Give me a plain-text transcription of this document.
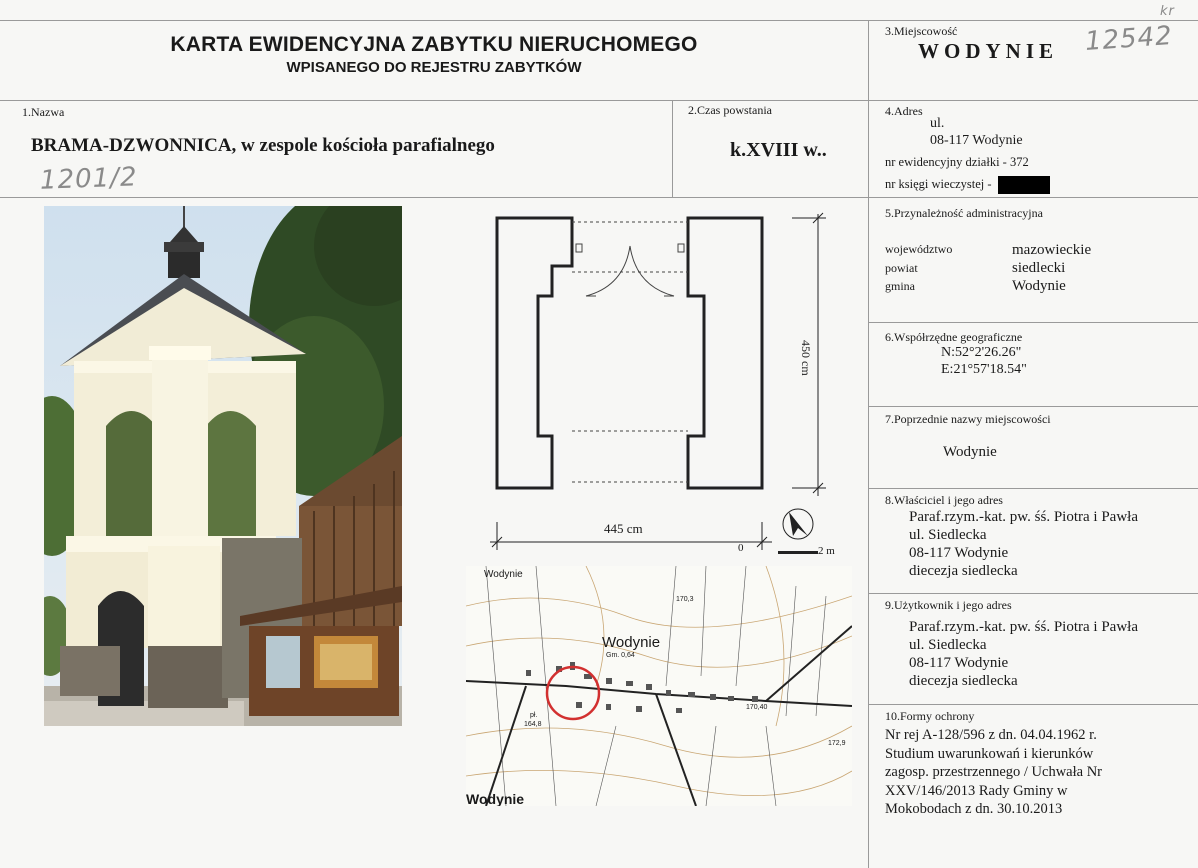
KARTA EWIDENCYJNA ZABYTKU NIERUCHOMEGO
WPISANEGO DO REJESTRU ZABYTKÓW
3.Miejscowość
WODYNIE 12542
kr
1.Nazwa
BRAMA-DZWONNICA, w zespole kościoła parafialnego
1201/2
2.Czas powstania
k.XVIII w..
4.Adres
ul.
08-117 Wodynie
nr ewidencyjny działki - 372
nr księgi wieczystej -
450 cm
445 cm
0	2 m
Wodynie
Wodynie
Wodynie
170,3
Gm. 0,64
170,40
172,9
pł.
164,8
5.Przynależność administracyjna
województwo	mazowieckie
powiat	siedlecki
gmina	Wodynie
6.Współrzędne geograficzne
N:52°2'26.26"
E:21°57'18.54"
7.Poprzednie nazwy miejscowości
Wodynie
8.Właściciel i jego adres
Paraf.rzym.-kat. pw. śś. Piotra i Pawła
ul. Siedlecka
08-117 Wodynie
diecezja siedlecka
9.Użytkownik i jego adres
Paraf.rzym.-kat. pw. śś. Piotra i Pawła
ul. Siedlecka
08-117 Wodynie
diecezja siedlecka
10.Formy ochrony
Nr rej A-128/596 z dn. 04.04.1962 r.
Studium uwarunkowań i kierunków
zagosp. przestrzennego / Uchwała Nr
XXV/146/2013 Rady Gminy w
Mokobodach z dn. 30.10.2013
